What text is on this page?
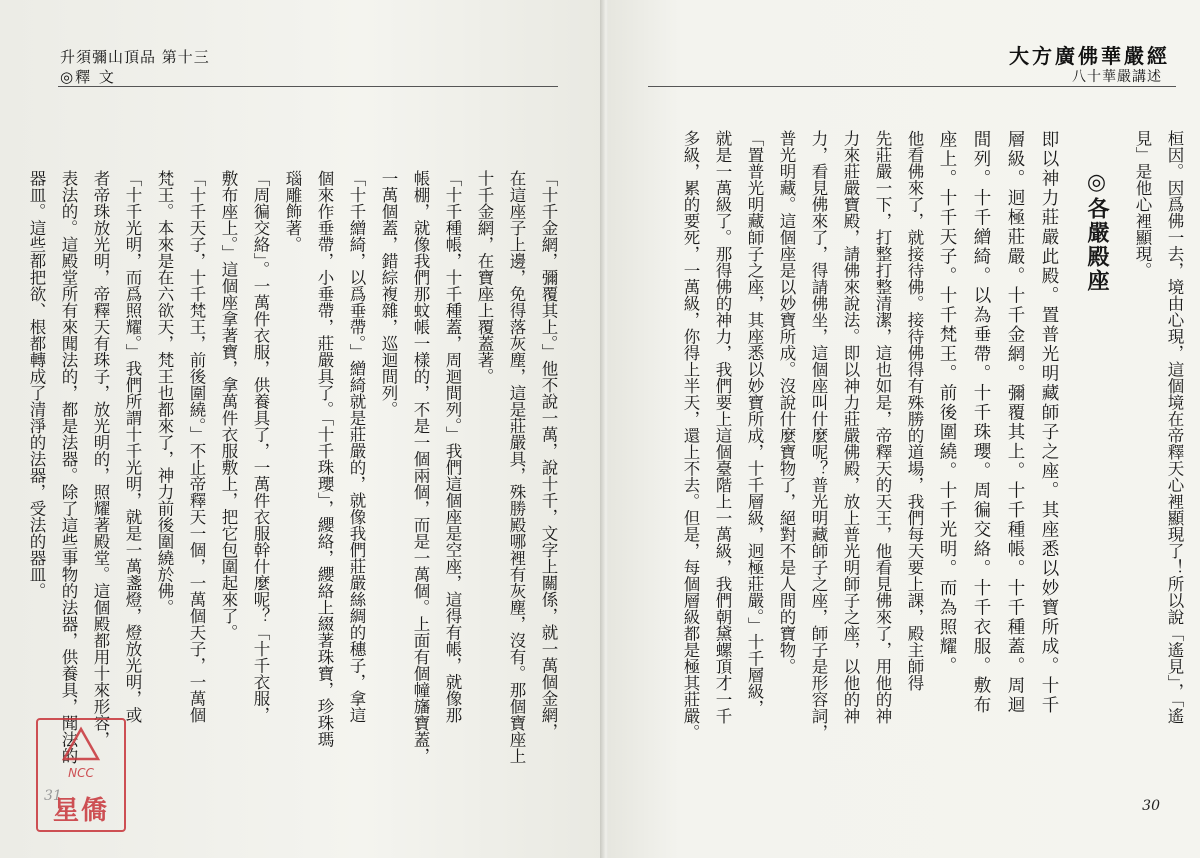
升須彌山頂品 第十三
◎釋 文

「十千金網，彌覆其上。」他不說一萬，說十千，文字上關係，就一萬個金網，

在這座子上邊，免得落灰塵，這是莊嚴具，殊勝殿哪裡有灰塵，沒有。那個寶座上

十千金網，在寶座上覆蓋著。

「十千種帳，十千種蓋，周迴間列。」我們這個座是空座，這得有帳，就像那

帳棚，就像我們那蚊帳一樣的，不是一個兩個，而是一萬個。上面有個幢旛寶蓋，

一萬個蓋，錯綜複雜，巡迴間列。

「十千繒綺，以爲垂帶。」繒綺就是莊嚴的，就像我們莊嚴絲綢的穗子，拿這

個來作垂帶，小垂帶，莊嚴具了。「十千珠瓔」，纓絡，纓絡上綴著珠寶，珍珠瑪

瑙雕飾著。

「周徧交絡」。一萬件衣服，供養具了，一萬件衣服幹什麼呢？「十千衣服，

敷布座上。」這個座拿著寶，拿萬件衣服敷上，把它包圍起來了。

「十千天子，十千梵王，前後圍繞。」不止帝釋天一個，一萬個天子，一萬個

梵王。本來是在六欲天，梵王也都來了，神力前後圍繞於佛。

「十千光明，而爲照耀。」我們所謂十千光明，就是一萬盞燈，燈放光明，或

者帝珠放光明，帝釋天有珠子，放光明的，照耀著殿堂。這個殿都用十來形容，

表法的。這殿堂所有來聞法的，都是法器。除了這些事物的法器，供養具，聞法的

器皿。這些都把欲、根都轉成了清淨的法器，受法的器皿。

31
NCC
星僑
大方廣佛華嚴經
八十華嚴講述

桓因。因爲佛一去，境由心現，這個境在帝釋天心裡顯現了！所以說「遙見」，「遙

見」是他心裡顯現。

◎各嚴殿座

即以神力莊嚴此殿。置普光明藏師子之座。其座悉以妙寶所成。十千

層級。迥極莊嚴。十千金網。彌覆其上。十千種帳。十千種蓋。周迴

間列。十千繒綺。以為垂帶。十千珠瓔。周徧交絡。十千衣服。敷布

座上。十千天子。十千梵王。前後圍繞。十千光明。而為照耀。

他看佛來了，就接待佛。接待佛得有殊勝的道場，我們每天要上課，殿主師得

先莊嚴一下，打整打整清潔，這也如是，帝釋天的天王，他看見佛來了，用他的神

力來莊嚴寶殿，請佛來說法。即以神力莊嚴佛殿，放上普光明師子之座，以他的神

力，看見佛來了，得請佛坐，這個座叫什麼呢？普光明藏師子之座，師子是形容詞，

普光明藏。這個座是以妙寶所成。沒說什麼寶物了，絕對不是人間的寶物。

「置普光明藏師子之座，其座悉以妙寶所成，十千層級，迥極莊嚴。」十千層級，

就是一萬級了。那得佛的神力，我們要上這個臺階上一萬級，我們朝黛螺頂才一千

多級，累的要死，一萬級，你得上半天，還上不去。但是，每個層級都是極其莊嚴。

30
